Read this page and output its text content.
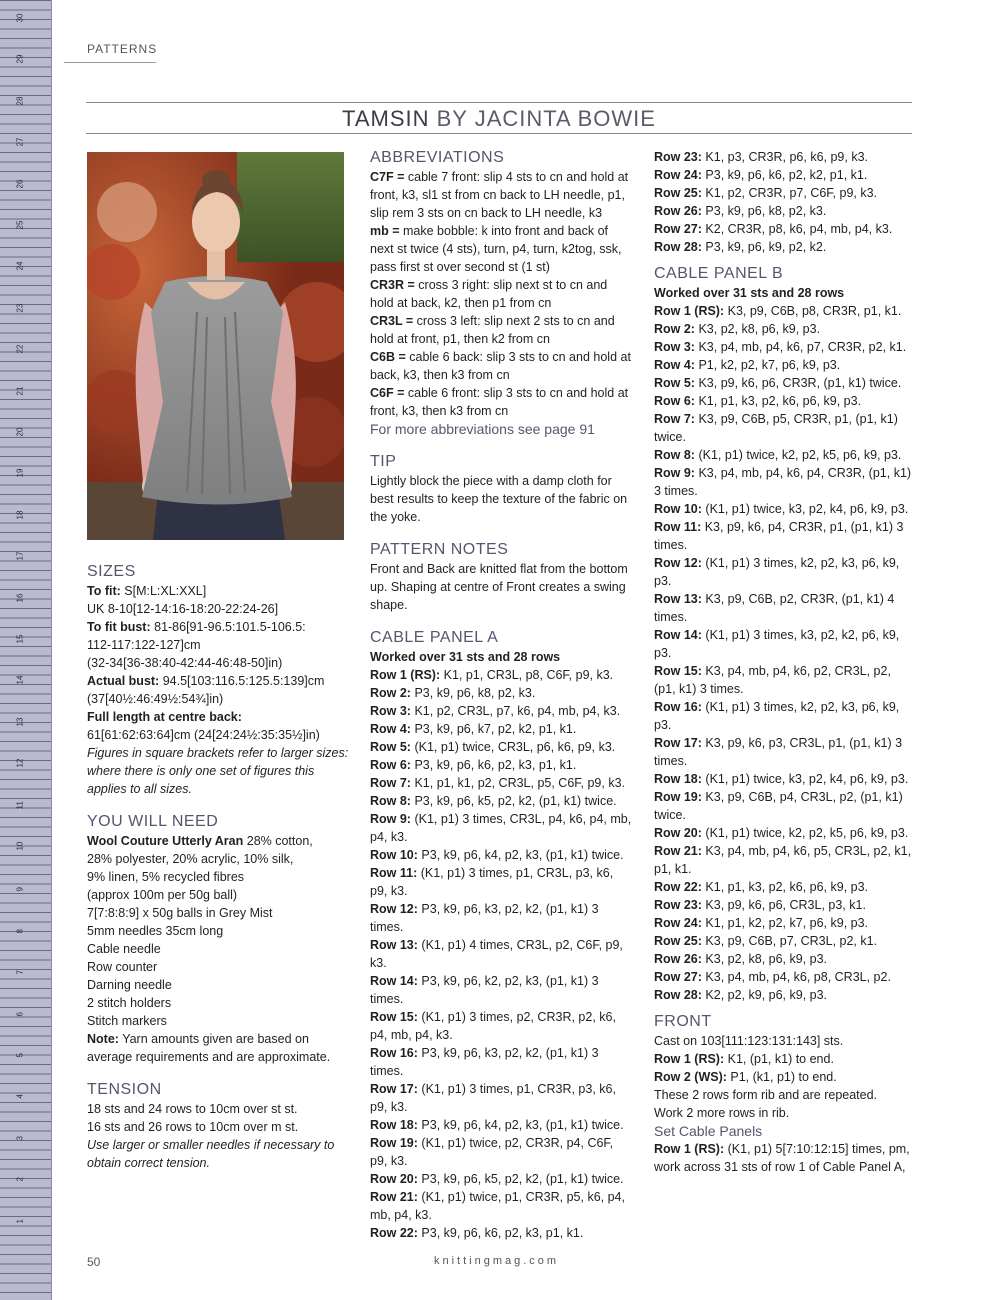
30
29
28
27
26
25
24
23
22
21
20
19
18
17
16
15
14
13
12
11
10
9
8
7
6
5
4
3
2
1
PATTERNS
TAMSIN BY JACINTA BOWIE

SIZES

To fit: S[M:L:XL:XXL]

UK 8-10[12-14:16-18:20-22:24-26]

To fit bust: 81-86[91-96.5:101.5-106.5:

112-117:122-127]cm

(32-34[36-38:40-42:44-46:48-50]in)

Actual bust: 94.5[103:116.5:125.5:139]cm

(37[40½:46:49½:54¾]in)

Full length at centre back:

61[61:62:63:64]cm (24[24:24½:35:35½]in)

Figures in square brackets refer to larger sizes: where there is only one set of figures this applies to all sizes.

YOU WILL NEED

Wool Couture Utterly Aran 28% cotton,

28% polyester, 20% acrylic, 10% silk,

9% linen, 5% recycled fibres

(approx 100m per 50g ball)

7[7:8:8:9] x 50g balls in Grey Mist

5mm needles 35cm long

Cable needle

Row counter

Darning needle

2 stitch holders

Stitch markers

Note: Yarn amounts given are based on average requirements and are approximate.

TENSION

18 sts and 24 rows to 10cm over st st.

16 sts and 26 rows to 10cm over m st.

Use larger or smaller needles if necessary to obtain correct tension.

ABBREVIATIONS

C7F = cable 7 front: slip 4 sts to cn and hold at front, k3, sl1 st from cn back to LH needle, p1, slip rem 3 sts on cn back to LH needle, k3

mb = make bobble: k into front and back of next st twice (4 sts), turn, p4, turn, k2tog, ssk, pass first st over second st (1 st)

CR3R = cross 3 right: slip next st to cn and hold at back, k2, then p1 from cn

CR3L = cross 3 left: slip next 2 sts to cn and hold at front, p1, then k2 from cn

C6B = cable 6 back: slip 3 sts to cn and hold at back, k3, then k3 from cn

C6F = cable 6 front: slip 3 sts to cn and hold at front, k3, then k3 from cn

For more abbreviations see page 91

TIP

Lightly block the piece with a damp cloth for best results to keep the texture of the fabric on the yoke.

PATTERN NOTES

Front and Back are knitted flat from the bottom up. Shaping at centre of Front creates a swing shape.

CABLE PANEL A

Worked over 31 sts and 28 rows

Row 1 (RS): K1, p1, CR3L, p8, C6F, p9, k3.

Row 2: P3, k9, p6, k8, p2, k3.

Row 3: K1, p2, CR3L, p7, k6, p4, mb, p4, k3.

Row 4: P3, k9, p6, k7, p2, k2, p1, k1.

Row 5: (K1, p1) twice, CR3L, p6, k6, p9, k3.

Row 6: P3, k9, p6, k6, p2, k3, p1, k1.

Row 7: K1, p1, k1, p2, CR3L, p5, C6F, p9, k3.

Row 8: P3, k9, p6, k5, p2, k2, (p1, k1) twice.

Row 9: (K1, p1) 3 times, CR3L, p4, k6, p4, mb, p4, k3.

Row 10: P3, k9, p6, k4, p2, k3, (p1, k1) twice.

Row 11: (K1, p1) 3 times, p1, CR3L, p3, k6, p9, k3.

Row 12: P3, k9, p6, k3, p2, k2, (p1, k1) 3 times.

Row 13: (K1, p1) 4 times, CR3L, p2, C6F, p9, k3.

Row 14: P3, k9, p6, k2, p2, k3, (p1, k1) 3 times.

Row 15: (K1, p1) 3 times, p2, CR3R, p2, k6, p4, mb, p4, k3.

Row 16: P3, k9, p6, k3, p2, k2, (p1, k1) 3 times.

Row 17: (K1, p1) 3 times, p1, CR3R, p3, k6, p9, k3.

Row 18: P3, k9, p6, k4, p2, k3, (p1, k1) twice.

Row 19: (K1, p1) twice, p2, CR3R, p4, C6F, p9, k3.

Row 20: P3, k9, p6, k5, p2, k2, (p1, k1) twice.

Row 21: (K1, p1) twice, p1, CR3R, p5, k6, p4, mb, p4, k3.

Row 22: P3, k9, p6, k6, p2, k3, p1, k1.

Row 23: K1, p3, CR3R, p6, k6, p9, k3.

Row 24: P3, k9, p6, k6, p2, k2, p1, k1.

Row 25: K1, p2, CR3R, p7, C6F, p9, k3.

Row 26: P3, k9, p6, k8, p2, k3.

Row 27: K2, CR3R, p8, k6, p4, mb, p4, k3.

Row 28: P3, k9, p6, k9, p2, k2.

CABLE PANEL B

Worked over 31 sts and 28 rows

Row 1 (RS): K3, p9, C6B, p8, CR3R, p1, k1.

Row 2: K3, p2, k8, p6, k9, p3.

Row 3: K3, p4, mb, p4, k6, p7, CR3R, p2, k1.

Row 4: P1, k2, p2, k7, p6, k9, p3.

Row 5: K3, p9, k6, p6, CR3R, (p1, k1) twice.

Row 6: K1, p1, k3, p2, k6, p6, k9, p3.

Row 7: K3, p9, C6B, p5, CR3R, p1, (p1, k1) twice.

Row 8: (K1, p1) twice, k2, p2, k5, p6, k9, p3.

Row 9: K3, p4, mb, p4, k6, p4, CR3R, (p1, k1) 3 times.

Row 10: (K1, p1) twice, k3, p2, k4, p6, k9, p3.

Row 11: K3, p9, k6, p4, CR3R, p1, (p1, k1) 3 times.

Row 12: (K1, p1) 3 times, k2, p2, k3, p6, k9, p3.

Row 13: K3, p9, C6B, p2, CR3R, (p1, k1) 4 times.

Row 14: (K1, p1) 3 times, k3, p2, k2, p6, k9, p3.

Row 15: K3, p4, mb, p4, k6, p2, CR3L, p2, (p1, k1) 3 times.

Row 16: (K1, p1) 3 times, k2, p2, k3, p6, k9, p3.

Row 17: K3, p9, k6, p3, CR3L, p1, (p1, k1) 3 times.

Row 18: (K1, p1) twice, k3, p2, k4, p6, k9, p3.

Row 19: K3, p9, C6B, p4, CR3L, p2, (p1, k1) twice.

Row 20: (K1, p1) twice, k2, p2, k5, p6, k9, p3.

Row 21: K3, p4, mb, p4, k6, p5, CR3L, p2, k1, p1, k1.

Row 22: K1, p1, k3, p2, k6, p6, k9, p3.

Row 23: K3, p9, k6, p6, CR3L, p3, k1.

Row 24: K1, p1, k2, p2, k7, p6, k9, p3.

Row 25: K3, p9, C6B, p7, CR3L, p2, k1.

Row 26: K3, p2, k8, p6, k9, p3.

Row 27: K3, p4, mb, p4, k6, p8, CR3L, p2.

Row 28: K2, p2, k9, p6, k9, p3.

FRONT

Cast on 103[111:123:131:143] sts.

Row 1 (RS): K1, (p1, k1) to end.

Row 2 (WS): P1, (k1, p1) to end.

These 2 rows form rib and are repeated.

Work 2 more rows in rib.

Set Cable Panels

Row 1 (RS): (K1, p1) 5[7:10:12:15] times, pm, work across 31 sts of row 1 of Cable Panel A,

50	knittingmag.com
